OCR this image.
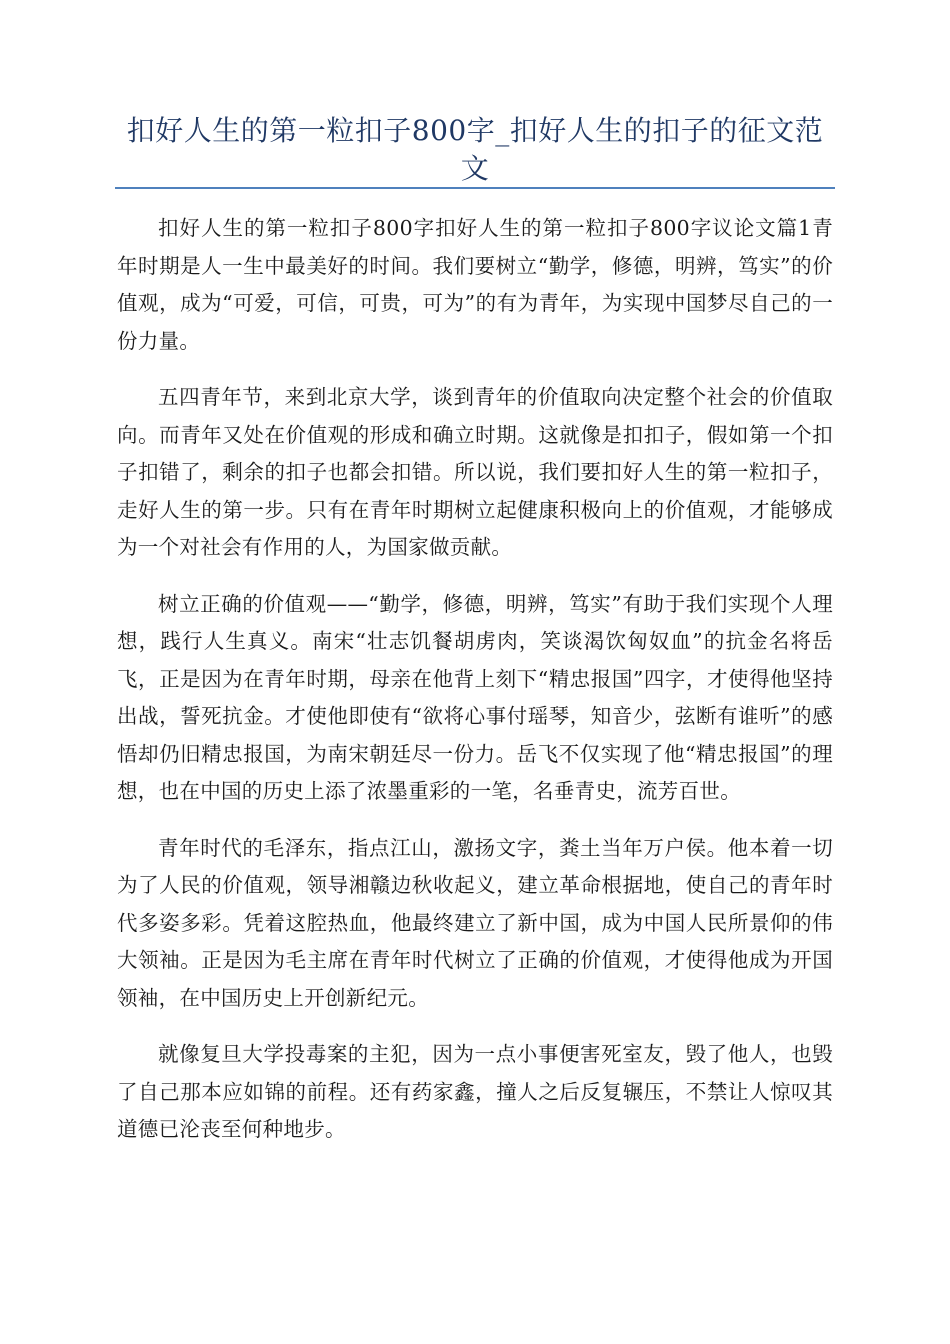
扣好人生的第一粒扣子800字_扣好人生的扣子的征文范文

扣好人生的第一粒扣子800字扣好人生的第一粒扣子800字议论文篇1青年时期是人一生中最美好的时间。我们要树立“勤学，修德，明辨，笃实”的价值观，成为“可爱，可信，可贵，可为”的有为青年，为实现中国梦尽自己的一份力量。

五四青年节，来到北京大学，谈到青年的价值取向决定整个社会的价值取向。而青年又处在价值观的形成和确立时期。这就像是扣扣子，假如第一个扣子扣错了，剩余的扣子也都会扣错。所以说，我们要扣好人生的第一粒扣子，走好人生的第一步。只有在青年时期树立起健康积极向上的价值观，才能够成为一个对社会有作用的人，为国家做贡献。

树立正确的价值观——“勤学，修德，明辨，笃实”有助于我们实现个人理想，践行人生真义。南宋“壮志饥餐胡虏肉，笑谈渴饮匈奴血”的抗金名将岳飞，正是因为在青年时期，母亲在他背上刻下“精忠报国”四字，才使得他坚持出战，誓死抗金。才使他即使有“欲将心事付瑶琴，知音少，弦断有谁听”的感悟却仍旧精忠报国，为南宋朝廷尽一份力。岳飞不仅实现了他“精忠报国”的理想，也在中国的历史上添了浓墨重彩的一笔，名垂青史，流芳百世。

青年时代的毛泽东，指点江山，激扬文字，粪土当年万户侯。他本着一切为了人民的价值观，领导湘赣边秋收起义，建立革命根据地，使自己的青年时代多姿多彩。凭着这腔热血，他最终建立了新中国，成为中国人民所景仰的伟大领袖。正是因为毛主席在青年时代树立了正确的价值观，才使得他成为开国领袖，在中国历史上开创新纪元。

就像复旦大学投毒案的主犯，因为一点小事便害死室友，毁了他人，也毁了自己那本应如锦的前程。还有药家鑫，撞人之后反复辗压，不禁让人惊叹其道德已沦丧至何种地步。
